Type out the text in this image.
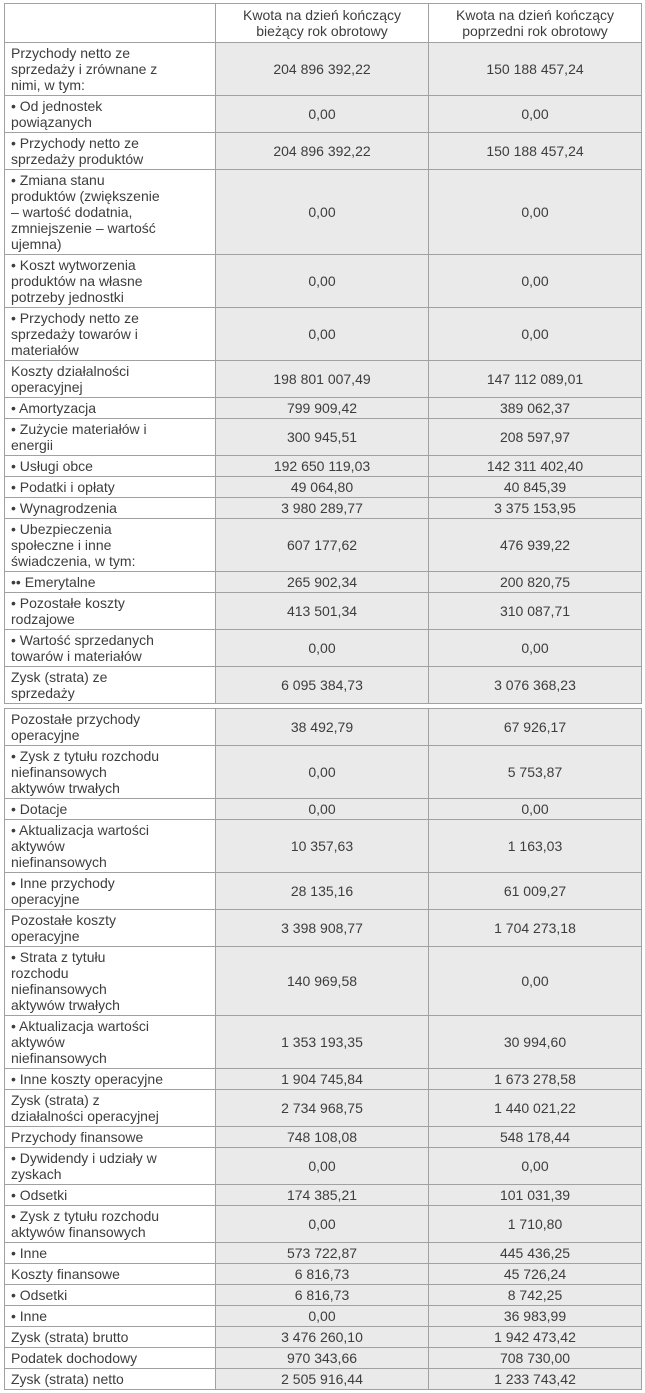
	Kwota na dzień kończący bieżący rok obrotowy	Kwota na dzień kończący poprzedni rok obrotowy
Przychody netto ze sprzedaży i zrównane z nimi, w tym:	204 896 392,22	150 188 457,24
• Od jednostek powiązanych	0,00	0,00
• Przychody netto ze sprzedaży produktów	204 896 392,22	150 188 457,24
• Zmiana stanu produktów (zwiększenie – wartość dodatnia, zmniejszenie – wartość ujemna)	0,00	0,00
• Koszt wytworzenia produktów na własne potrzeby jednostki	0,00	0,00
• Przychody netto ze sprzedaży towarów i materiałów	0,00	0,00
Koszty działalności operacyjnej	198 801 007,49	147 112 089,01
• Amortyzacja	799 909,42	389 062,37
• Zużycie materiałów i energii	300 945,51	208 597,97
• Usługi obce	192 650 119,03	142 311 402,40
• Podatki i opłaty	49 064,80	40 845,39
• Wynagrodzenia	3 980 289,77	3 375 153,95
• Ubezpieczenia społeczne i inne świadczenia, w tym:	607 177,62	476 939,22
•• Emerytalne	265 902,34	200 820,75
• Pozostałe koszty rodzajowe	413 501,34	310 087,71
• Wartość sprzedanych towarów i materiałów	0,00	0,00
Zysk (strata) ze sprzedaży	6 095 384,73	3 076 368,23
Pozostałe przychody operacyjne	38 492,79	67 926,17
• Zysk z tytułu rozchodu niefinansowych aktywów trwałych	0,00	5 753,87
• Dotacje	0,00	0,00
• Aktualizacja wartości aktywów niefinansowych	10 357,63	1 163,03
• Inne przychody operacyjne	28 135,16	61 009,27
Pozostałe koszty operacyjne	3 398 908,77	1 704 273,18
• Strata z tytułu rozchodu niefinansowych aktywów trwałych	140 969,58	0,00
• Aktualizacja wartości aktywów niefinansowych	1 353 193,35	30 994,60
• Inne koszty operacyjne	1 904 745,84	1 673 278,58
Zysk (strata) z działalności operacyjnej	2 734 968,75	1 440 021,22
Przychody finansowe	748 108,08	548 178,44
• Dywidendy i udziały w zyskach	0,00	0,00
• Odsetki	174 385,21	101 031,39
• Zysk z tytułu rozchodu aktywów finansowych	0,00	1 710,80
• Inne	573 722,87	445 436,25
Koszty finansowe	6 816,73	45 726,24
• Odsetki	6 816,73	8 742,25
• Inne	0,00	36 983,99
Zysk (strata) brutto	3 476 260,10	1 942 473,42
Podatek dochodowy	970 343,66	708 730,00
Zysk (strata) netto	2 505 916,44	1 233 743,42
